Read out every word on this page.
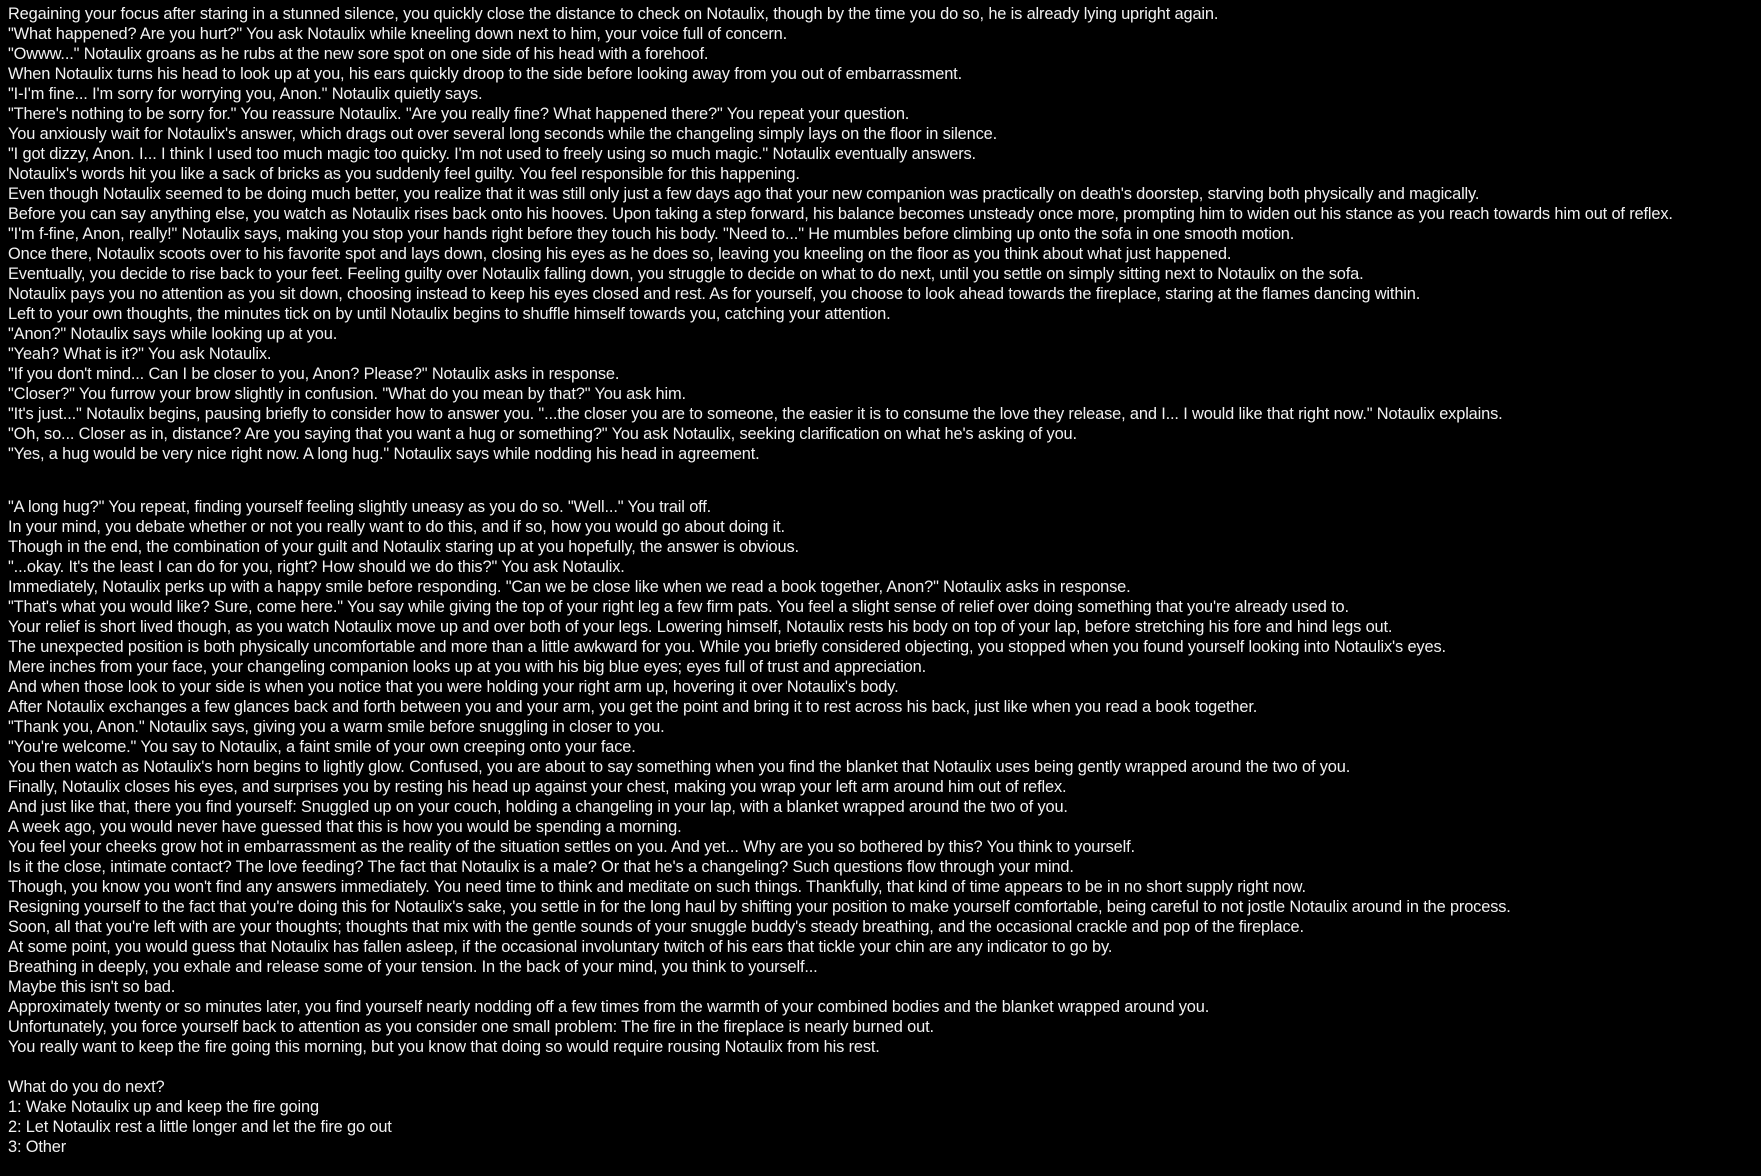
Regaining your focus after staring in a stunned silence, you quickly close the distance to check on Notaulix, though by the time you do so, he is already lying upright again.
"What happened? Are you hurt?" You ask Notaulix while kneeling down next to him, your voice full of concern.
"Owww..." Notaulix groans as he rubs at the new sore spot on one side of his head with a forehoof.
When Notaulix turns his head to look up at you, his ears quickly droop to the side before looking away from you out of embarrassment.
"I-I'm fine... I'm sorry for worrying you, Anon." Notaulix quietly says.
"There's nothing to be sorry for." You reassure Notaulix. "Are you really fine? What happened there?" You repeat your question.
You anxiously wait for Notaulix's answer, which drags out over several long seconds while the changeling simply lays on the floor in silence.
"I got dizzy, Anon. I... I think I used too much magic too quicky. I'm not used to freely using so much magic." Notaulix eventually answers.
Notaulix's words hit you like a sack of bricks as you suddenly feel guilty. You feel responsible for this happening.
Even though Notaulix seemed to be doing much better, you realize that it was still only just a few days ago that your new companion was practically on death's doorstep, starving both physically and magically.
Before you can say anything else, you watch as Notaulix rises back onto his hooves. Upon taking a step forward, his balance becomes unsteady once more, prompting him to widen out his stance as you reach towards him out of reflex.
"I'm f-fine, Anon, really!" Notaulix says, making you stop your hands right before they touch his body. "Need to..." He mumbles before climbing up onto the sofa in one smooth motion.
Once there, Notaulix scoots over to his favorite spot and lays down, closing his eyes as he does so, leaving you kneeling on the floor as you think about what just happened.
Eventually, you decide to rise back to your feet. Feeling guilty over Notaulix falling down, you struggle to decide on what to do next, until you settle on simply sitting next to Notaulix on the sofa.
Notaulix pays you no attention as you sit down, choosing instead to keep his eyes closed and rest. As for yourself, you choose to look ahead towards the fireplace, staring at the flames dancing within.
Left to your own thoughts, the minutes tick on by until Notaulix begins to shuffle himself towards you, catching your attention.
"Anon?" Notaulix says while looking up at you.
"Yeah? What is it?" You ask Notaulix.
"If you don't mind... Can I be closer to you, Anon? Please?" Notaulix asks in response.
"Closer?" You furrow your brow slightly in confusion. "What do you mean by that?" You ask him.
"It's just..." Notaulix begins, pausing briefly to consider how to answer you. "...the closer you are to someone, the easier it is to consume the love they release, and I... I would like that right now." Notaulix explains.
"Oh, so... Closer as in, distance? Are you saying that you want a hug or something?" You ask Notaulix, seeking clarification on what he's asking of you.
"Yes, a hug would be very nice right now. A long hug." Notaulix says while nodding his head in agreement.
"A long hug?" You repeat, finding yourself feeling slightly uneasy as you do so. "Well..." You trail off.
In your mind, you debate whether or not you really want to do this, and if so, how you would go about doing it.
Though in the end, the combination of your guilt and Notaulix staring up at you hopefully, the answer is obvious.
"...okay. It's the least I can do for you, right? How should we do this?" You ask Notaulix.
Immediately, Notaulix perks up with a happy smile before responding. "Can we be close like when we read a book together, Anon?" Notaulix asks in response.
"That's what you would like? Sure, come here." You say while giving the top of your right leg a few firm pats. You feel a slight sense of relief over doing something that you're already used to.
Your relief is short lived though, as you watch Notaulix move up and over both of your legs. Lowering himself, Notaulix rests his body on top of your lap, before stretching his fore and hind legs out.
The unexpected position is both physically uncomfortable and more than a little awkward for you. While you briefly considered objecting, you stopped when you found yourself looking into Notaulix's eyes.
Mere inches from your face, your changeling companion looks up at you with his big blue eyes; eyes full of trust and appreciation.
And when those look to your side is when you notice that you were holding your right arm up, hovering it over Notaulix's body.
After Notaulix exchanges a few glances back and forth between you and your arm, you get the point and bring it to rest across his back, just like when you read a book together.
"Thank you, Anon." Notaulix says, giving you a warm smile before snuggling in closer to you.
"You're welcome." You say to Notaulix, a faint smile of your own creeping onto your face.
You then watch as Notaulix's horn begins to lightly glow. Confused, you are about to say something when you find the blanket that Notaulix uses being gently wrapped around the two of you.
Finally, Notaulix closes his eyes, and surprises you by resting his head up against your chest, making you wrap your left arm around him out of reflex.
And just like that, there you find yourself: Snuggled up on your couch, holding a changeling in your lap, with a blanket wrapped around the two of you.
A week ago, you would never have guessed that this is how you would be spending a morning.
You feel your cheeks grow hot in embarrassment as the reality of the situation settles on you. And yet... Why are you so bothered by this? You think to yourself.
Is it the close, intimate contact? The love feeding? The fact that Notaulix is a male? Or that he's a changeling? Such questions flow through your mind.
Though, you know you won't find any answers immediately. You need time to think and meditate on such things. Thankfully, that kind of time appears to be in no short supply right now.
Resigning yourself to the fact that you're doing this for Notaulix's sake, you settle in for the long haul by shifting your position to make yourself comfortable, being careful to not jostle Notaulix around in the process.
Soon, all that you're left with are your thoughts; thoughts that mix with the gentle sounds of your snuggle buddy's steady breathing, and the occasional crackle and pop of the fireplace.
At some point, you would guess that Notaulix has fallen asleep, if the occasional involuntary twitch of his ears that tickle your chin are any indicator to go by.
Breathing in deeply, you exhale and release some of your tension. In the back of your mind, you think to yourself...
Maybe this isn't so bad.
Approximately twenty or so minutes later, you find yourself nearly nodding off a few times from the warmth of your combined bodies and the blanket wrapped around you.
Unfortunately, you force yourself back to attention as you consider one small problem: The fire in the fireplace is nearly burned out.
You really want to keep the fire going this morning, but you know that doing so would require rousing Notaulix from his rest.
What do you do next?
1: Wake Notaulix up and keep the fire going
2: Let Notaulix rest a little longer and let the fire go out
3: Other
